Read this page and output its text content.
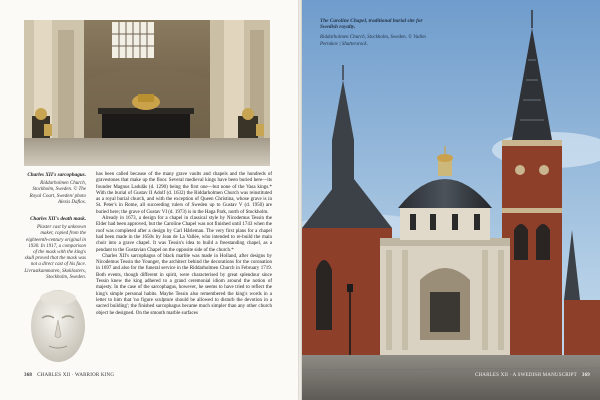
Charles XII's sarcophagus.
Riddarholmen Church, Stockholm, Sweden. © The Royal Court, Sweden/ photo Alexis Daflos.
Charles XII's death mask.
Plaster cast by unknown maker, copied from the eighteenth-century original in 1930. In 1917, a comparison of the mask with the king's skull proved that the mask was not a direct cast of his face. Livrustkammaren, Skoklosters, Stockholm, Sweden.

has been called because of the many grave vaults and chapels and the hundreds of gravestones that make up the floor. Several medieval kings have been buried here—its founder Magnus Ladulås (d. 1290) being the first one—but none of the Vasa kings.* With the burial of Gustav II Adolf (d. 1632) the Riddarholmen Church was reinstituted as a royal burial church, and with the exception of Queen Christina, whose grave is in St. Peter's in Rome, all succeeding rulers of Sweden up to Gustav V (d. 1950) are buried here; the grave of Gustav VI (d. 1973) is in the Haga Park, north of Stockholm.

Already in 1673, a design for a chapel in classical style by Nicodemus Tessin the Elder had been approved, but the Caroline Chapel was not finished until 1743 when the roof was completed after a design by Carl Hårleman. The very first plans for a chapel had been made in the 1650s by Jean de La Vallée, who intended to re-build the main choir into a grave chapel. It was Tessin's idea to build a freestanding chapel, as a pendant to the Gustavian Chapel on the opposite side of the church.*

Charles XII's sarcophagus of black marble was made in Holland, after designs by Nicodemus Tessin the Younger, the architect behind the decorations for the coronation in 1697 and also for the funeral service in the Riddarholmen Church in February 1719. Both events, though different in spirit, were characterised by great splendour since Tessin knew the king adhered to a grand ceremonial idiom around the notion of majesty. In the case of the sarcophagus, however, he seems to have tried to reflect the king's simple personal habits. Maybe Tessin also remembered the king's words in a letter to him that 'no figure sculpture should be allowed to disturb the devotion in a sacred building'; the finished sarcophagus became much simpler than any other church object he designed. On the smooth marble surfaces

368 CHARLES XII · WARRIOR KING
The Caroline Chapel, traditional burial site for Swedish royalty.
Riddarholmen Church, Stockholm, Sweden. © Vadim Petrakov | Shutterstock.
CHARLES XII · A SWEDISH MANUSCRIPT 369
